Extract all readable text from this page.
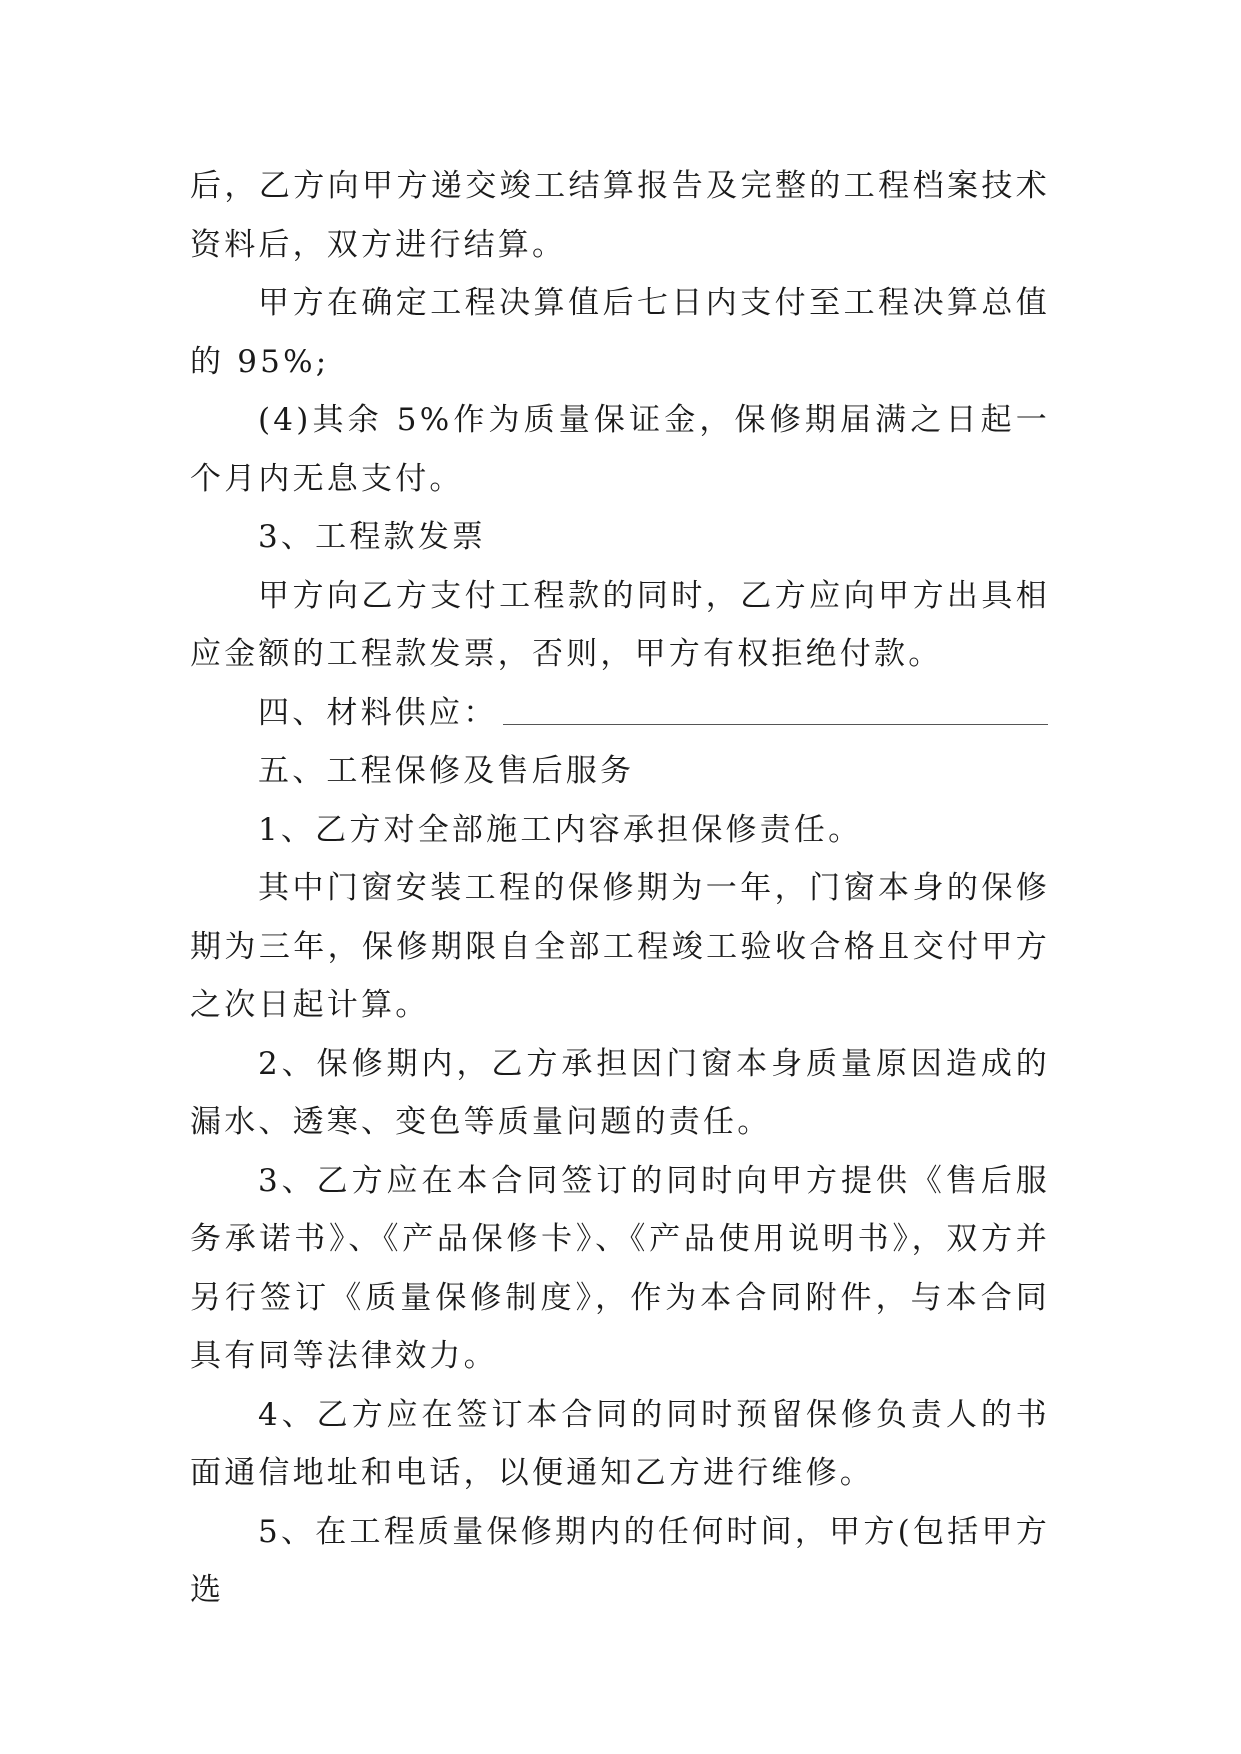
后，乙方向甲方递交竣工结算报告及完整的工程档案技术资料后，双方进行结算。

甲方在确定工程决算值后七日内支付至工程决算总值的 95%;

(4)其余 5%作为质量保证金，保修期届满之日起一个月内无息支付。

3、工程款发票

甲方向乙方支付工程款的同时，乙方应向甲方出具相应金额的工程款发票，否则，甲方有权拒绝付款。

四、材料供应：

五、工程保修及售后服务

1、乙方对全部施工内容承担保修责任。

其中门窗安装工程的保修期为一年，门窗本身的保修期为三年，保修期限自全部工程竣工验收合格且交付甲方之次日起计算。

2、保修期内，乙方承担因门窗本身质量原因造成的漏水、透寒、变色等质量问题的责任。

3、乙方应在本合同签订的同时向甲方提供《售后服务承诺书》、《产品保修卡》、《产品使用说明书》，双方并另行签订《质量保修制度》，作为本合同附件，与本合同具有同等法律效力。

4、乙方应在签订本合同的同时预留保修负责人的书面通信地址和电话，以便通知乙方进行维修。

5、在工程质量保修期内的任何时间，甲方(包括甲方选
